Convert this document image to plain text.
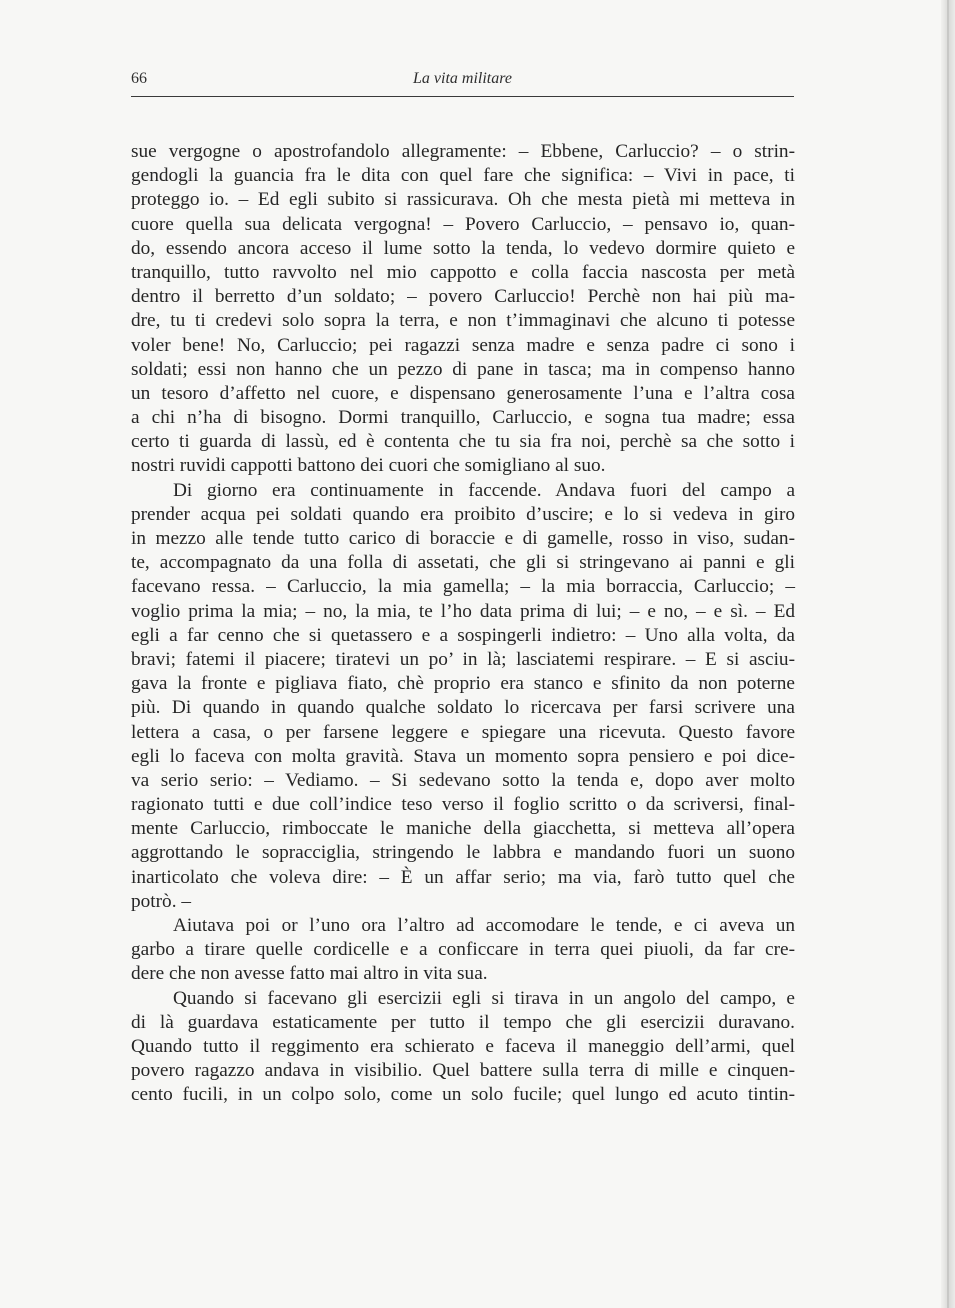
66	La vita militare
sue vergogne o apostrofandolo allegramente: – Ebbene, Carluccio? – o strin-
gendogli la guancia fra le dita con quel fare che significa: – Vivi in pace, ti
proteggo io. – Ed egli subito si rassicurava. Oh che mesta pietà mi metteva in
cuore quella sua delicata vergogna! – Povero Carluccio, – pensavo io, quan-
do, essendo ancora acceso il lume sotto la tenda, lo vedevo dormire quieto e
tranquillo, tutto ravvolto nel mio cappotto e colla faccia nascosta per metà
dentro il berretto d’un soldato; – povero Carluccio! Perchè non hai più ma-
dre, tu ti credevi solo sopra la terra, e non t’immaginavi che alcuno ti potesse
voler bene! No, Carluccio; pei ragazzi senza madre e senza padre ci sono i
soldati; essi non hanno che un pezzo di pane in tasca; ma in compenso hanno
un tesoro d’affetto nel cuore, e dispensano generosamente l’una e l’altra cosa
a chi n’ha di bisogno. Dormi tranquillo, Carluccio, e sogna tua madre; essa
certo ti guarda di lassù, ed è contenta che tu sia fra noi, perchè sa che sotto i
nostri ruvidi cappotti battono dei cuori che somigliano al suo.
Di giorno era continuamente in faccende. Andava fuori del campo a
prender acqua pei soldati quando era proibito d’uscire; e lo si vedeva in giro
in mezzo alle tende tutto carico di boraccie e di gamelle, rosso in viso, sudan-
te, accompagnato da una folla di assetati, che gli si stringevano ai panni e gli
facevano ressa. – Carluccio, la mia gamella; – la mia borraccia, Carluccio; –
voglio prima la mia; – no, la mia, te l’ho data prima di lui; – e no, – e sì. – Ed
egli a far cenno che si quetassero e a sospingerli indietro: – Uno alla volta, da
bravi; fatemi il piacere; tiratevi un po’ in là; lasciatemi respirare. – E si asciu-
gava la fronte e pigliava fiato, chè proprio era stanco e sfinito da non poterne
più. Di quando in quando qualche soldato lo ricercava per farsi scrivere una
lettera a casa, o per farsene leggere e spiegare una ricevuta. Questo favore
egli lo faceva con molta gravità. Stava un momento sopra pensiero e poi dice-
va serio serio: – Vediamo. – Si sedevano sotto la tenda e, dopo aver molto
ragionato tutti e due coll’indice teso verso il foglio scritto o da scriversi, final-
mente Carluccio, rimboccate le maniche della giacchetta, si metteva all’opera
aggrottando le sopracciglia, stringendo le labbra e mandando fuori un suono
inarticolato che voleva dire: – È un affar serio; ma via, farò tutto quel che
potrò. –
Aiutava poi or l’uno ora l’altro ad accomodare le tende, e ci aveva un
garbo a tirare quelle cordicelle e a conficcare in terra quei piuoli, da far cre-
dere che non avesse fatto mai altro in vita sua.
Quando si facevano gli esercizii egli si tirava in un angolo del campo, e
di là guardava estaticamente per tutto il tempo che gli esercizii duravano.
Quando tutto il reggimento era schierato e faceva il maneggio dell’armi, quel
povero ragazzo andava in visibilio. Quel battere sulla terra di mille e cinquen-
cento fucili, in un colpo solo, come un solo fucile; quel lungo ed acuto tintin-
